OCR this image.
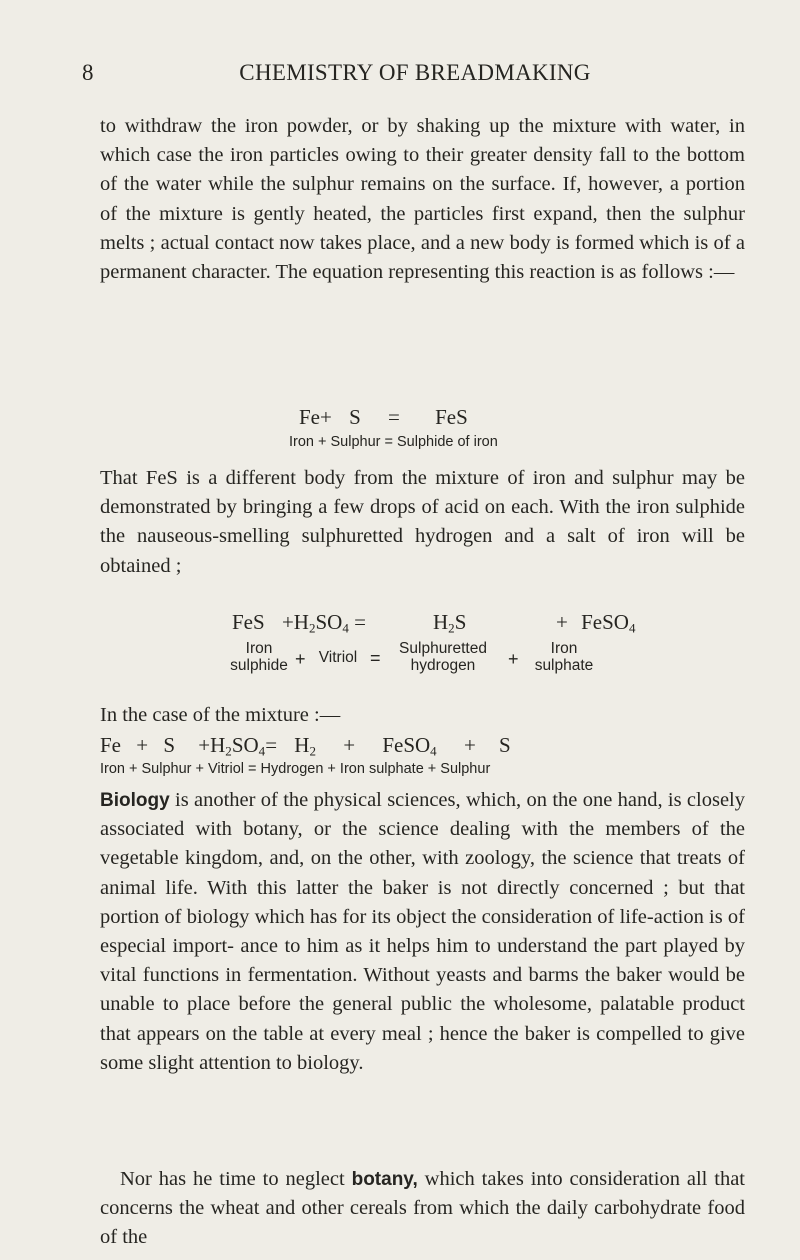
8	CHEMISTRY OF BREADMAKING

to withdraw the iron powder, or by shaking up the mixture with water, in which case the iron particles owing to their greater density fall to the bottom of the water while the sulphur remains on the surface. If, however, a portion of the mixture is gently heated, the particles first expand, then the sulphur melts ; actual contact now takes place, and a new body is formed which is of a permanent character. The equation representing this reaction is as follows :—

Fe+ S = FeS
Iron + Sulphur = Sulphide of iron

That FeS is a different body from the mixture of iron and sulphur may be demonstrated by bringing a few drops of acid on each. With the iron sulphide the nauseous-smelling sulphuretted hydrogen and a salt of iron will be obtained ;

FeS $+H_2SO_4$ =	$H_2S$	+ FeSO$_4$
Iron
sulphide + Vitriol =	Sulphuretted
hydrogen	+
Iron
sulphate

In the case of the mixture :—

$Fe + S +H_2SO_4= H_2$ + FeSO$_4$ + S
Iron + Sulphur + Vitriol = Hydrogen + Iron sulphate + Sulphur

Biology is another of the physical sciences, which, on the one hand, is closely associated with botany, or the science dealing with the members of the vegetable kingdom, and, on the other, with zoology, the science that treats of animal life. With this latter the baker is not directly concerned ; but that portion of biology which has for its object the consideration of life-action is of especial import- ance to him as it helps him to understand the part played by vital functions in fermentation. Without yeasts and barms the baker would be unable to place before the general public the wholesome, palatable product that appears on the table at every meal ; hence the baker is compelled to give some slight attention to biology.

Nor has he time to neglect botany, which takes into consideration all that concerns the wheat and other cereals from which the daily carbohydrate food of the
